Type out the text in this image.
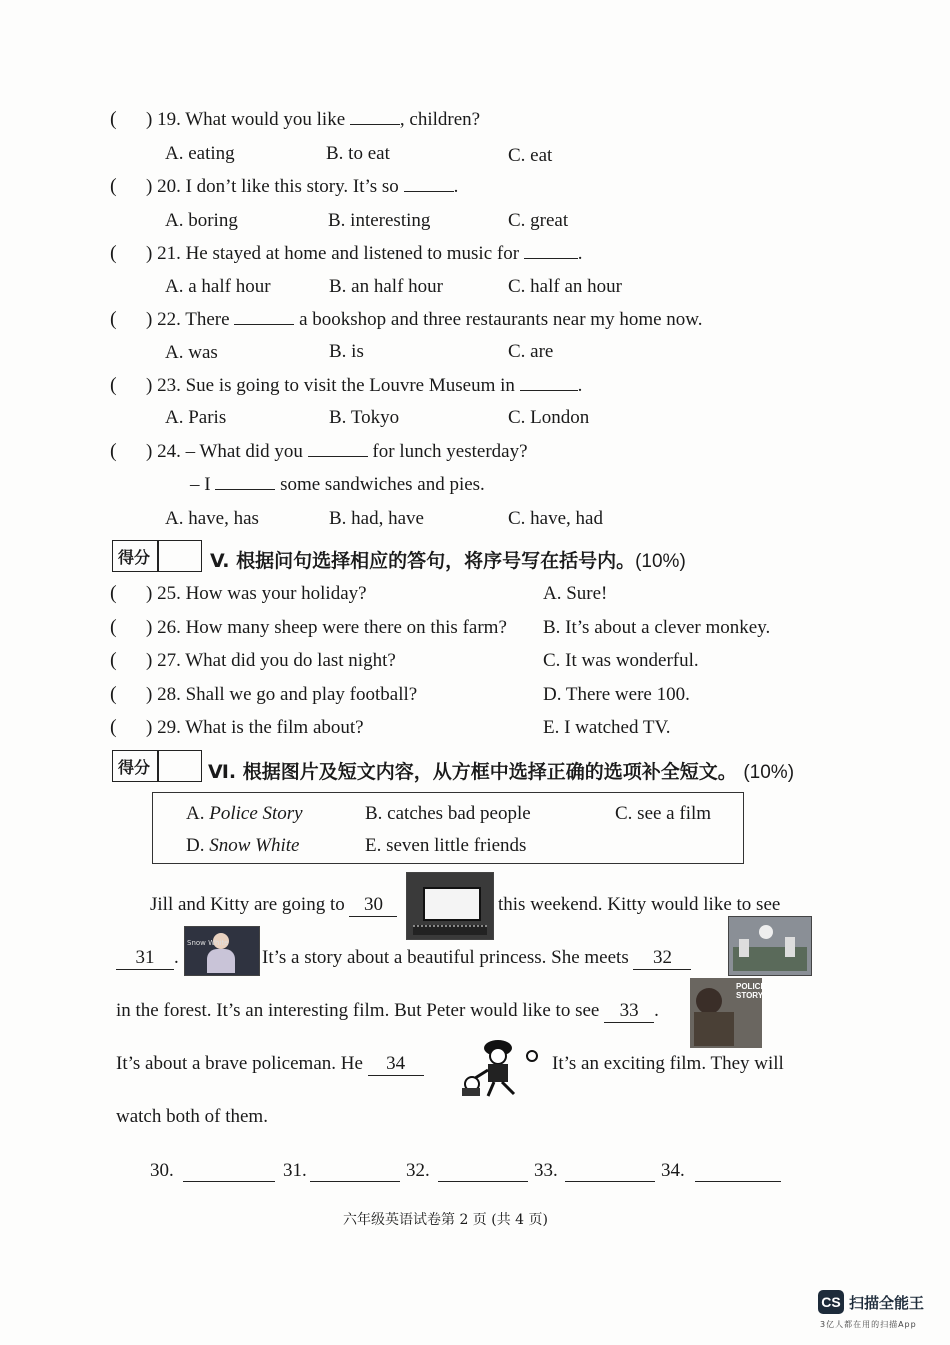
( ) 19. What would you like	, children?
A. eating	B. to eat	C. eat
( ) 20. I don’t like this story. It’s so	.
A. boring	B. interesting	C. great
( ) 21. He stayed at home and listened to music for	.
A. a half hour	B. an half hour	C. half an hour
( ) 22. There	a bookshop and three restaurants near my home now.
A. was	B. is	C. are
( ) 23. Sue is going to visit the Louvre Museum in	.
A. Paris	B. Tokyo	C. London
( ) 24. – What did you	for lunch yesterday?
– I	some sandwiches and pies.
A. have, has	B. had, have	C. have, had
得分	V. 根据问句选择相应的答句，将序号写在括号内。(10%)
( ) 25. How was your holiday?	A. Sure!
( ) 26. How many sheep were there on this farm? B. It’s about a clever monkey.
( ) 27. What did you do last night?	C. It was wonderful.
( ) 28. Shall we go and play football?	D. There were 100.
( ) 29. What is the film about?	E. I watched TV.
得分	Ⅵ. 根据图片及短文内容，从方框中选择正确的选项补全短文。 (10%)
A. Police Story	B. catches bad people	C. see a film
D. Snow White	E. seven little friends
Jill and Kitty are going to 30	this weekend. Kitty would like to see
31 .
Snow White
It’s a story about a beautiful princess. She meets 32
in the forest. It’s an interesting film. But Peter would like to see 33 .
POLICE STORY
It’s about a brave policeman. He 34	It’s an exciting film. They will
watch both of them.
30.	31.	32.	33.	34.
六年级英语试卷第 2 页 (共 4 页)
CS 扫描全能王
3亿人都在用的扫描App
